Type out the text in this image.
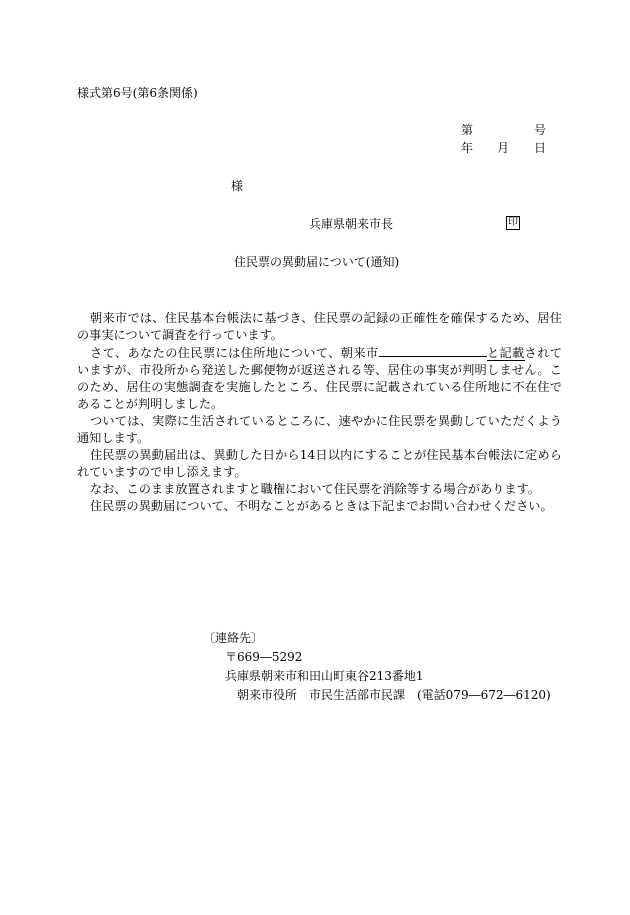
様式第6号(第6条関係)
第	号
年 月 日
様
兵庫県朝来市長	印
住民票の異動届について(通知)

朝来市では、住民基本台帳法に基づき、住民票の記録の正確性を確保するため、居住の事実について調査を行っています。

さて、あなたの住民票には住所地について、朝来市	と記載されていますが、市役所から発送した郵便物が返送される等、居住の事実が判明しません。このため、居住の実態調査を実施したところ、住民票に記載されている住所地に不在住であることが判明しました。

ついては、実際に生活されているところに、速やかに住民票を異動していただくよう通知します。

住民票の異動届出は、異動した日から14日以内にすることが住民基本台帳法に定められていますので申し添えます。

なお、このまま放置されますと職権において住民票を消除等する場合があります。

住民票の異動届について、不明なことがあるときは下記までお問い合わせください。

〔連絡先〕
〒669―5292
兵庫県朝来市和田山町東谷213番地1
朝来市役所　市民生活部市民課　(電話079―672―6120)
